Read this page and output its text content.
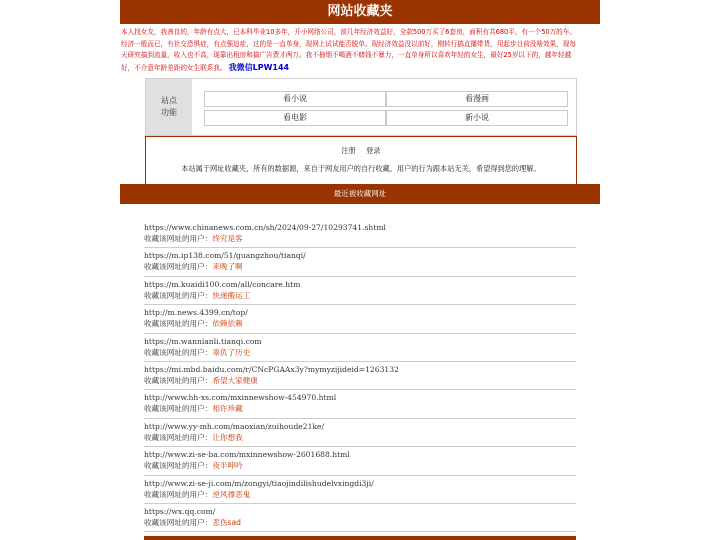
网站收藏夹
本人找女友，我善良的，年龄有点大，已本科毕业10多年，开小网络公司，前几年经济效益好，全款500万买了6套房，面积有共680平，有一个50万的车。经济一般而已，有社交恐惧症，有点强迫症，过的是一直单身，现网上试试能否脱单。现经济效益没以前好，刚转行搞直播带货，用起步目前没啥效果，现每天研究搞到流量，收入也不高，现靠出租房和搞广告费才两万。我不抽烟不喝酒不赌钱不暴力，一直单身所以喜欢年轻的女生，最好25岁以下的，越年轻越好，不介意年龄差距的女生联系我。 我微信LPW144
站点
功能
看小说	看漫画
看电影	新小说
注册 登录
本站属于网址收藏夹，所有的数据源，来自于网友用户的自行收藏，用户的行为跟本站无关，希望得到您的理解。
最近被收藏网址
https://www.chinanews.com.cn/sh/2024/09-27/10293741.shtml
收藏该网址的用户：终究是客
https://m.ip138.com/51/guangzhou/tianqi/
收藏该网址的用户：来晚了啊
https://m.kuaidi100.com/all/concare.htm
收藏该网址的用户：快递搬运工
http://m.news.4399.cn/top/
收藏该网址的用户：依赖依赖
https://m.wannianli.tianqi.com
收藏该网址的用户：辜负了历史
https://mi.mbd.baidu.com/r/CNcPGAAx3y?mymyzijideid=1263132
收藏该网址的用户：希望大家健康
http://www.hh-xs.com/mxinnewshow-454970.html
收藏该网址的用户：相许珍藏
http://www.yy-mh.com/maoxian/zuihoude21ke/
收藏该网址的用户：让你想我
http://www.zi-se-ba.com/mxinnewshow-2601688.html
收藏该网址的用户：夜半呻吟
http://www.zi-se-ji.com/m/zongyi/tiaojindilishudelvxingdi3ji/
收藏该网址的用户：逆风撑恶鬼
https://wx.qq.com/
收藏该网址的用户：悲伤sad
